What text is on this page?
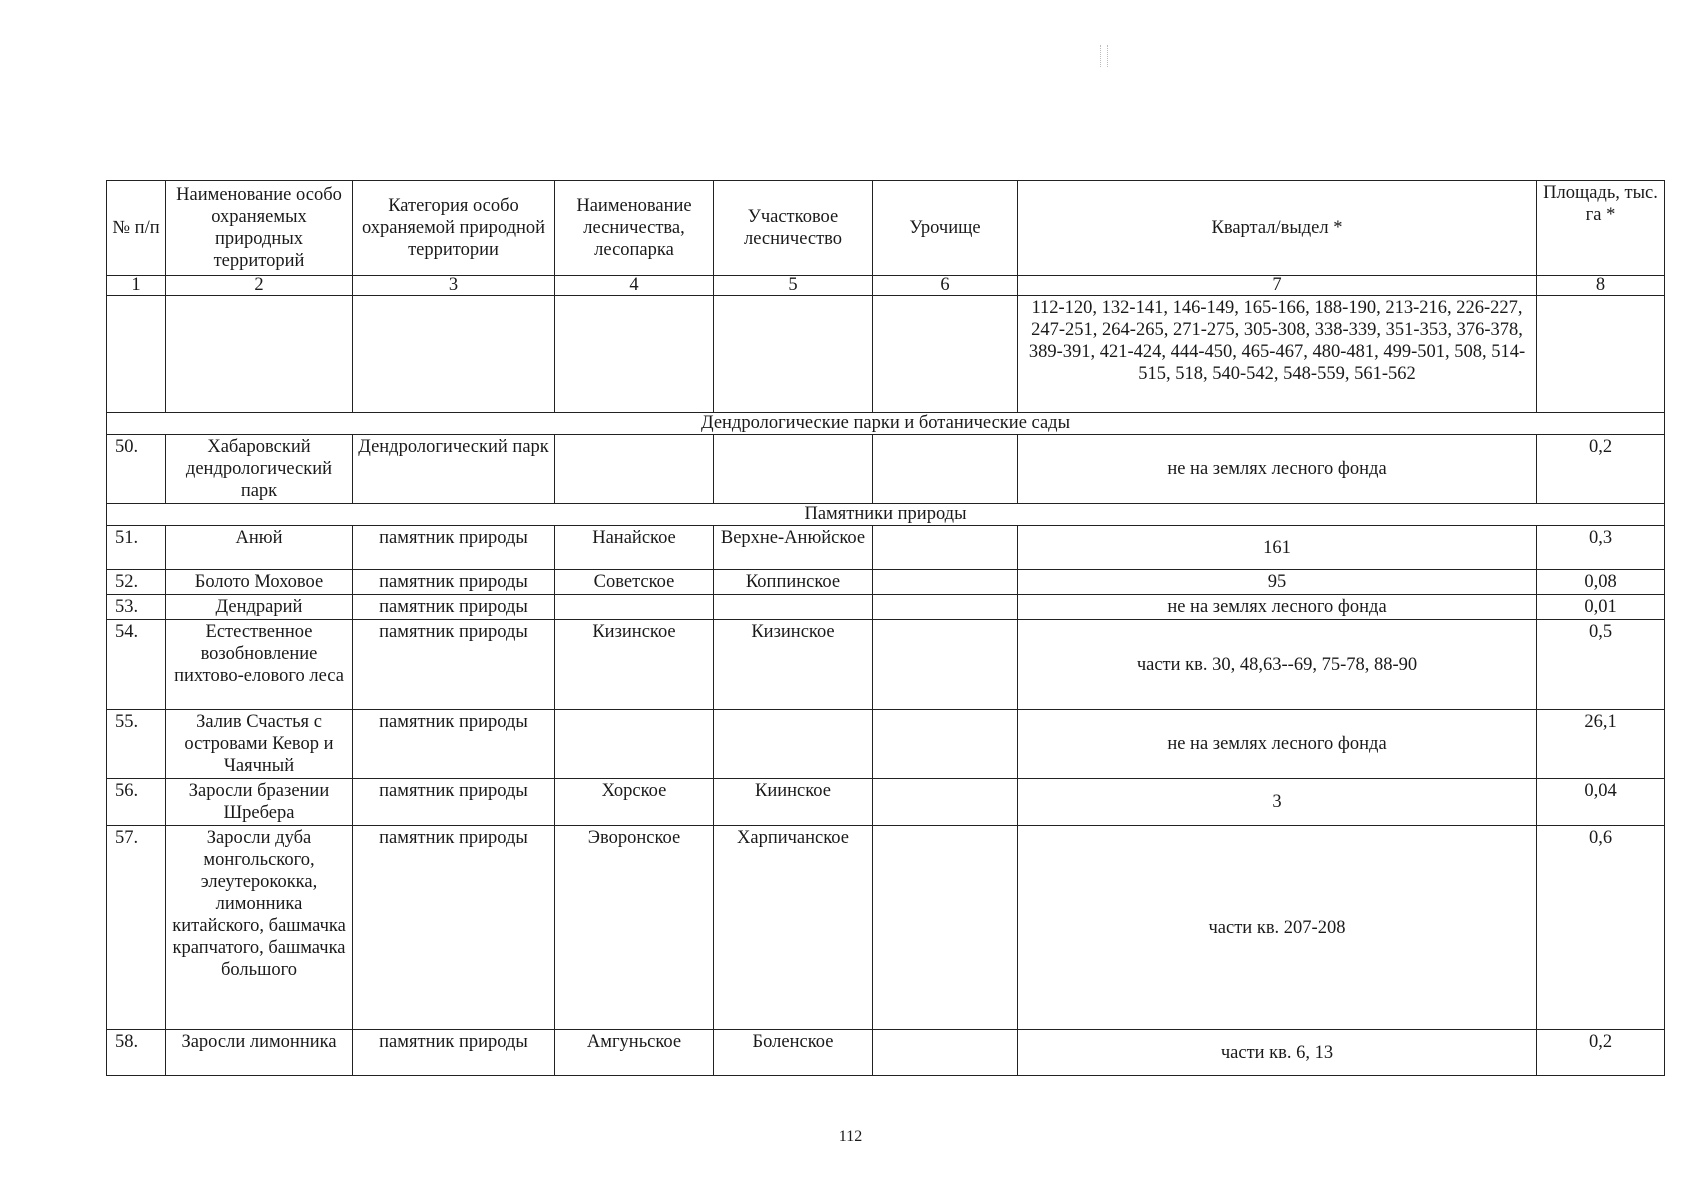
№ п/п	Наименование особо охраняемых природных территорий	Категория особо охраняемой природной территории	Наименование лесничества, лесопарка	Участковое лесничество	Урочище	Квартал/выдел *	Площадь, тыс. га *
1	2	3	4	5	6	7	8
						112-120, 132-141, 146-149, 165-166, 188-190, 213-216, 226-227, 247-251, 264-265, 271-275, 305-308, 338-339, 351-353, 376-378, 389-391, 421-424, 444-450, 465-467, 480-481, 499-501, 508, 514-515, 518, 540-542, 548-559, 561-562	
Дендрологические парки и ботанические сады							
50.	Хабаровский дендрологический парк	Дендрологический парк				не на землях лесного фонда	0,2
Памятники природы							
51.	Анюй	памятник природы	Нанайское	Верхне-Анюйское		161	0,3
52.	Болото Моховое	памятник природы	Советское	Коппинское		95	0,08
53.	Дендрарий	памятник природы				не на землях лесного фонда	0,01
54.	Естественное возобновление пихтово-елового леса	памятник природы	Кизинское	Кизинское		части кв. 30, 48,63--69, 75-78, 88-90	0,5
55.	Залив Счастья с островами Кевор и Чаячный	памятник природы				не на землях лесного фонда	26,1
56.	Заросли бразении Шребера	памятник природы	Хорское	Киинское		3	0,04
57.	Заросли дуба монгольского, элеутерококка, лимонника китайского, башмачка крапчатого, башмачка большого	памятник природы	Эворонское	Харпичанское		части кв. 207-208	0,6
58.	Заросли лимонника	памятник природы	Амгуньское	Боленское		части кв. 6, 13	0,2
112
